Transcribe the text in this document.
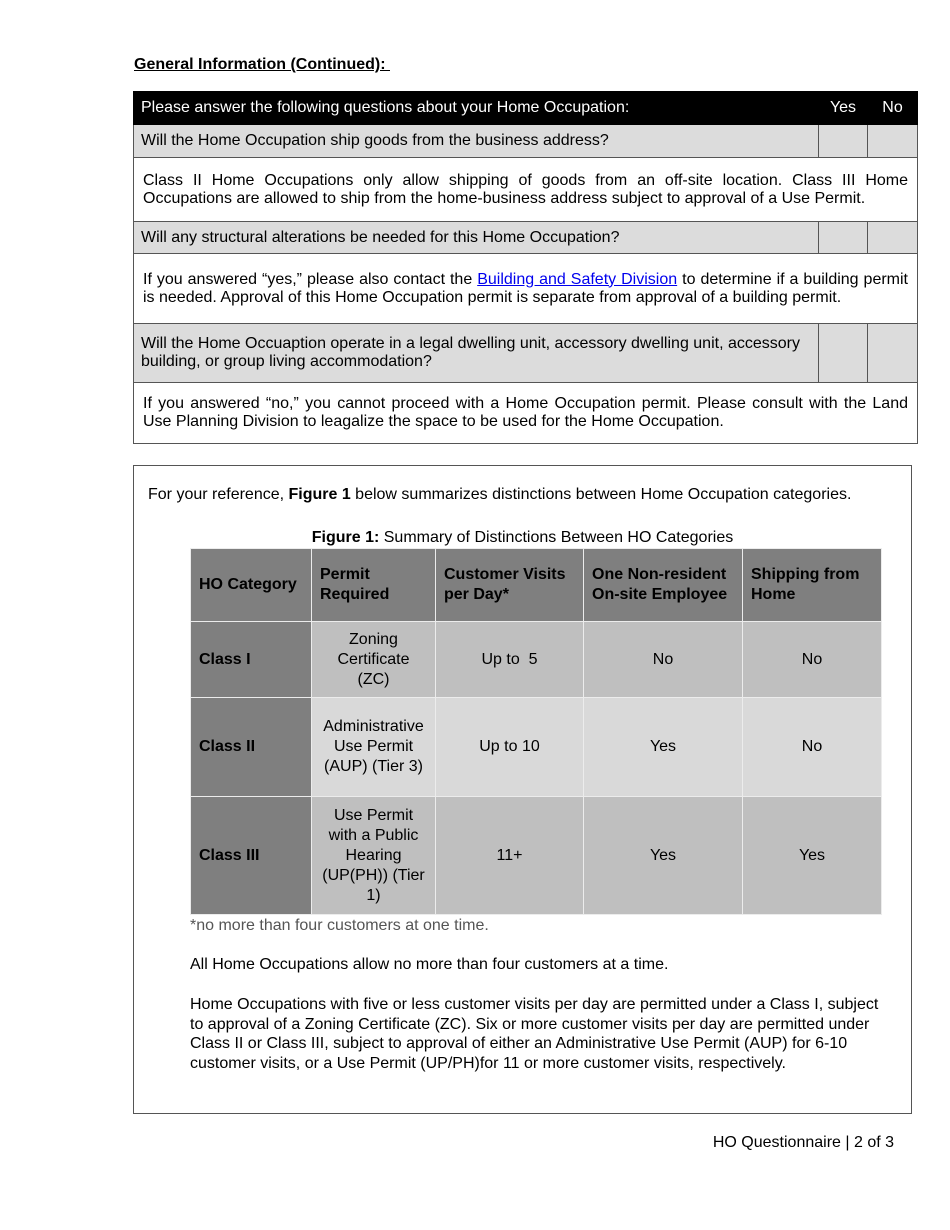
General Information (Continued):
Please answer the following questions about your Home Occupation:	Yes	No
Will the Home Occupation ship goods from the business address?		
Class II Home Occupations only allow shipping of goods from an off-site location. Class III Home Occupations are allowed to ship from the home-business address subject to approval of a Use Permit.		
Will any structural alterations be needed for this Home Occupation?		
If you answered “yes,” please also contact the Building and Safety Division to determine if a building permit is needed. Approval of this Home Occupation permit is separate from approval of a building permit.		
Will the Home Occuaption operate in a legal dwelling unit, accessory dwelling unit, accessory building, or group living accommodation?		
If you answered “no,” you cannot proceed with a Home Occupation permit. Please consult with the Land Use Planning Division to leagalize the space to be used for the Home Occupation.		
For your reference, Figure 1 below summarizes distinctions between Home Occupation categories.
Figure 1: Summary of Distinctions Between HO Categories
HO Category	Permit Required	Customer Visits per Day*	One Non-resident On-site Employee	Shipping from Home
Class I	Zoning Certificate (ZC)	Up to  5	No	No
Class II	Administrative Use Permit (AUP) (Tier 3)	Up to 10	Yes	No
Class III	Use Permit with a Public Hearing (UP(PH)) (Tier 1)	11+	Yes	Yes
*no more than four customers at one time.
All Home Occupations allow no more than four customers at a time.
Home Occupations with five or less customer visits per day are permitted under a Class I, subject to approval of a Zoning Certificate (ZC). Six or more customer visits per day are permitted under Class II or Class III, subject to approval of either an Administrative Use Permit (AUP) for 6-10 customer visits, or a Use Permit (UP/PH)for 11 or more customer visits, respectively.
HO Questionnaire | 2 of 3
